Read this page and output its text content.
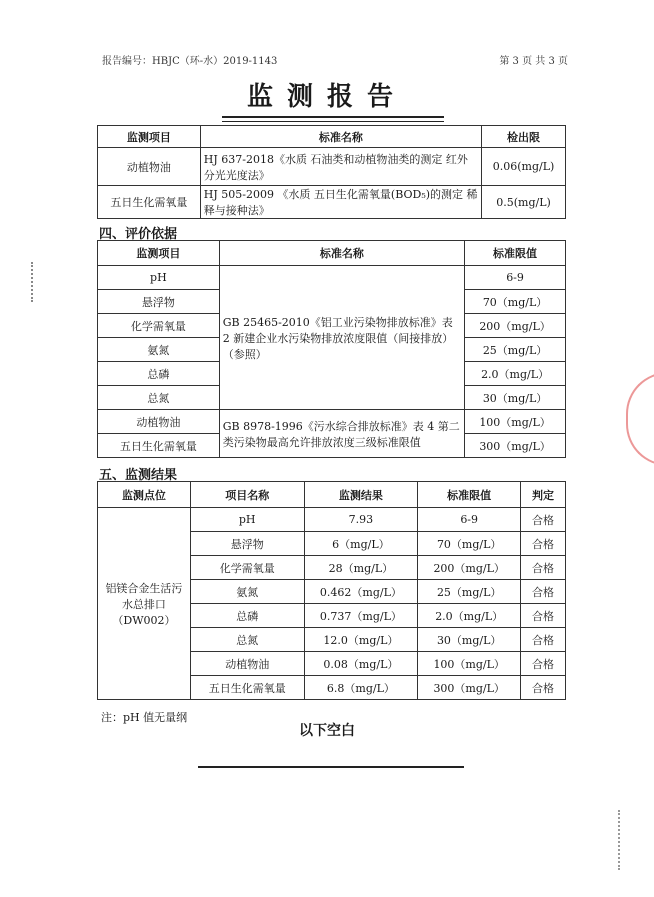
报告编号：HBJC（环-水）2019-1143	第 3 页 共 3 页
监测报告
监测项目	标准名称	检出限
动植物油	HJ 637-2018《水质 石油类和动植物油类的测定 红外分光光度法》	0.06(mg/L)
五日生化需氧量	HJ 505-2009 《水质 五日生化需氧量(BOD₅)的测定 稀释与接种法》	0.5(mg/L)
四、评价依据
监测项目	标准名称	标准限值
pH	GB 25465-2010《铝工业污染物排放标准》表 2 新建企业水污染物排放浓度限值（间接排放）（参照）	6-9
悬浮物		70（mg/L）
化学需氧量		200（mg/L）
氨氮		25（mg/L）
总磷		2.0（mg/L）
总氮		30（mg/L）
动植物油	GB 8978-1996《污水综合排放标准》表 4 第二类污染物最高允许排放浓度三级标准限值	100（mg/L）
五日生化需氧量		300（mg/L）
五、监测结果
监测点位	项目名称	监测结果	标准限值	判定
铝镁合金生活污水总排口（DW002）	pH	7.93	6-9	合格
	悬浮物	6（mg/L）	70（mg/L）	合格
	化学需氧量	28（mg/L）	200（mg/L）	合格
	氨氮	0.462（mg/L）	25（mg/L）	合格
	总磷	0.737（mg/L）	2.0（mg/L）	合格
	总氮	12.0（mg/L）	30（mg/L）	合格
	动植物油	0.08（mg/L）	100（mg/L）	合格
	五日生化需氧量	6.8（mg/L）	300（mg/L）	合格
注：pH 值无量纲
以下空白
